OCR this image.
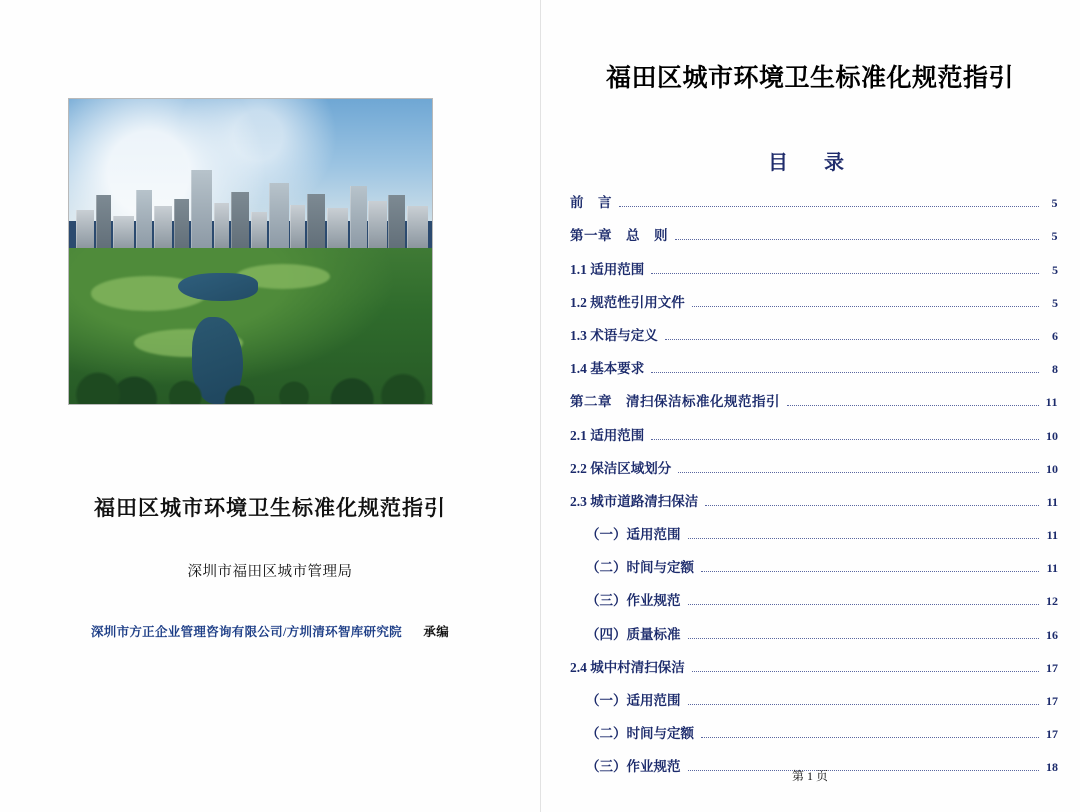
福田区城市环境卫生标准化规范指引
深圳市福田区城市管理局
深圳市方正企业管理咨询有限公司/方圳清环智库研究院 承编
福田区城市环境卫生标准化规范指引
目　录
前　言	5
第一章　总　则	5
1.1 适用范围	5
1.2 规范性引用文件	5
1.3 术语与定义	6
1.4 基本要求	8
第二章　清扫保洁标准化规范指引	11
2.1 适用范围	10
2.2 保洁区域划分	10
2.3 城市道路清扫保洁	11
（一）适用范围	11
（二）时间与定额	11
（三）作业规范	12
（四）质量标准	16
2.4 城中村清扫保洁	17
（一）适用范围	17
（二）时间与定额	17
（三）作业规范	18
第 1 页
